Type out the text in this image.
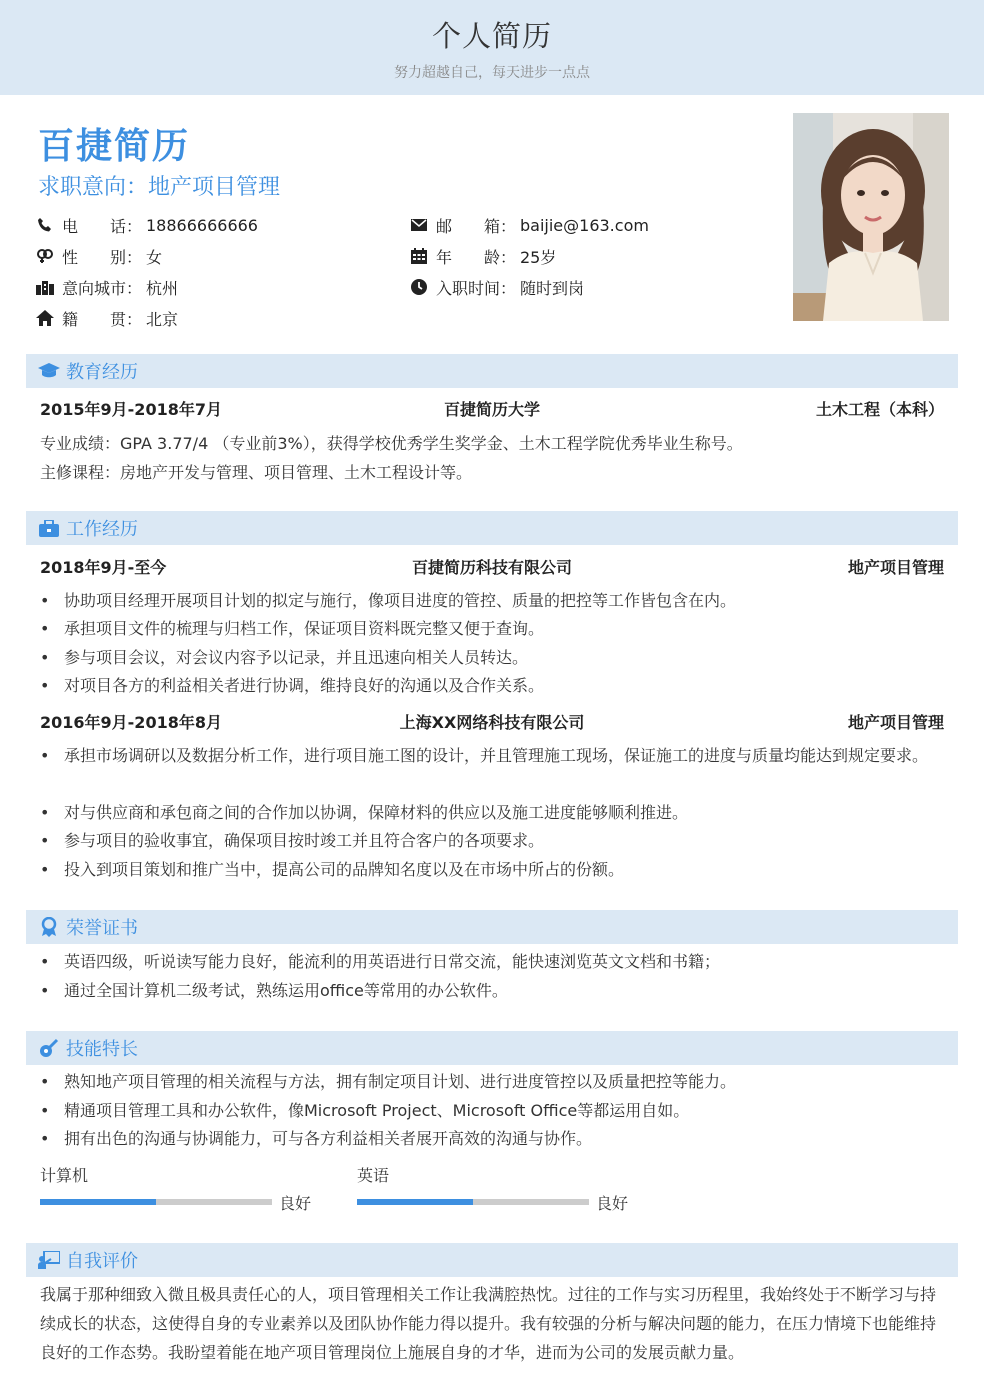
个人简历
努力超越自己，每天进步一点点
百捷简历
求职意向：地产项目管理
电　　话： 18866666666	邮　　箱： baijie@163.com
性　　别： 女	年　　龄： 25岁
意向城市： 杭州	入职时间： 随时到岗
籍　　贯： 北京
教育经历
2015年9月-2018年7月	百捷简历大学	土木工程（本科）
专业成绩：GPA 3.77/4 （专业前3%），获得学校优秀学生奖学金、土木工程学院优秀毕业生称号。
主修课程：房地产开发与管理、项目管理、土木工程设计等。
工作经历
2018年9月-至今	百捷简历科技有限公司	地产项目管理
• 协助项目经理开展项目计划的拟定与施行，像项目进度的管控、质量的把控等工作皆包含在内。
• 承担项目文件的梳理与归档工作，保证项目资料既完整又便于查询。
• 参与项目会议，对会议内容予以记录，并且迅速向相关人员转达。
• 对项目各方的利益相关者进行协调，维持良好的沟通以及合作关系。
2016年9月-2018年8月	上海XX网络科技有限公司	地产项目管理
• 承担市场调研以及数据分析工作，进行项目施工图的设计，并且管理施工现场，保证施工的进度与质量均能达到规定要求。
• 对与供应商和承包商之间的合作加以协调，保障材料的供应以及施工进度能够顺利推进。
• 参与项目的验收事宜，确保项目按时竣工并且符合客户的各项要求。
• 投入到项目策划和推广当中，提高公司的品牌知名度以及在市场中所占的份额。
荣誉证书
• 英语四级，听说读写能力良好，能流利的用英语进行日常交流，能快速浏览英文文档和书籍；
• 通过全国计算机二级考试，熟练运用office等常用的办公软件。
技能特长
• 熟知地产项目管理的相关流程与方法，拥有制定项目计划、进行进度管控以及质量把控等能力。
• 精通项目管理工具和办公软件，像Microsoft Project、Microsoft Office等都运用自如。
• 拥有出色的沟通与协调能力，可与各方利益相关者展开高效的沟通与协作。
计算机
良好
英语
良好
自我评价
我属于那种细致入微且极具责任心的人，项目管理相关工作让我满腔热忱。过往的工作与实习历程里，我始终处于不断学习与持续成长的状态，这使得自身的专业素养以及团队协作能力得以提升。我有较强的分析与解决问题的能力，在压力情境下也能维持良好的工作态势。我盼望着能在地产项目管理岗位上施展自身的才华，进而为公司的发展贡献力量。
